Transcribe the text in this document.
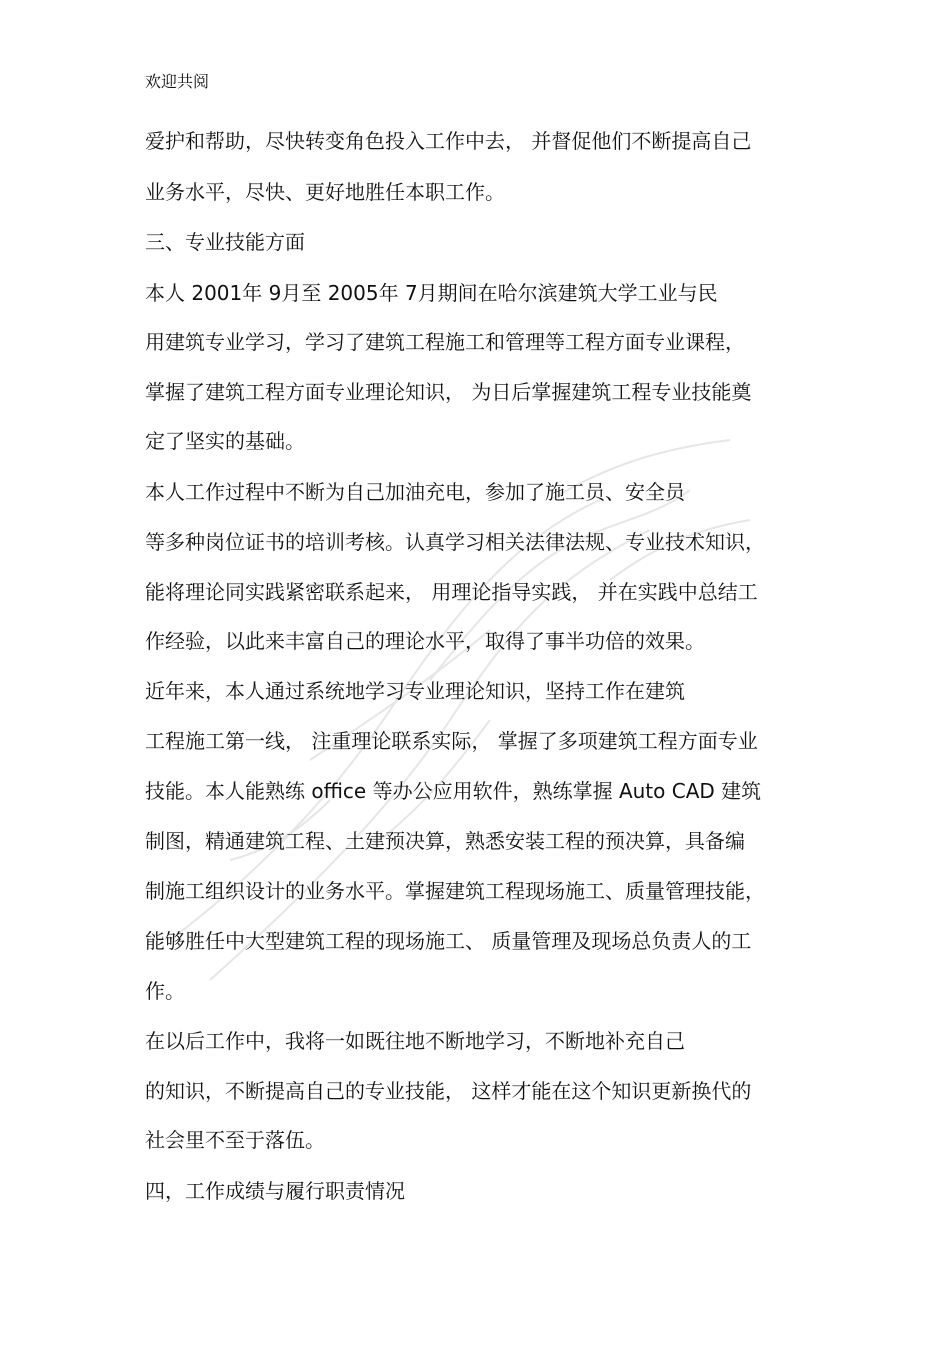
欢迎共阅
爱护和帮助，尽快转变角色投入工作中去， 并督促他们不断提高自己
业务水平，尽快、更好地胜任本职工作。
三、专业技能方面
本人 2001年 9月至 2005年 7月期间在哈尔滨建筑大学工业与民
用建筑专业学习，学习了建筑工程施工和管理等工程方面专业课程，
掌握了建筑工程方面专业理论知识， 为日后掌握建筑工程专业技能奠
定了坚实的基础。
本人工作过程中不断为自己加油充电，参加了施工员、安全员
等多种岗位证书的培训考核。认真学习相关法律法规、专业技术知识，
能将理论同实践紧密联系起来， 用理论指导实践， 并在实践中总结工
作经验，以此来丰富自己的理论水平，取得了事半功倍的效果。
近年来，本人通过系统地学习专业理论知识，坚持工作在建筑
工程施工第一线， 注重理论联系实际， 掌握了多项建筑工程方面专业
技能。本人能熟练 office 等办公应用软件，熟练掌握 Auto CAD 建筑
制图，精通建筑工程、土建预决算，熟悉安装工程的预决算，具备编
制施工组织设计的业务水平。掌握建筑工程现场施工、质量管理技能，
能够胜任中大型建筑工程的现场施工、 质量管理及现场总负责人的工
作。
在以后工作中，我将一如既往地不断地学习，不断地补充自己
的知识，不断提高自己的专业技能， 这样才能在这个知识更新换代的
社会里不至于落伍。
四，工作成绩与履行职责情况
